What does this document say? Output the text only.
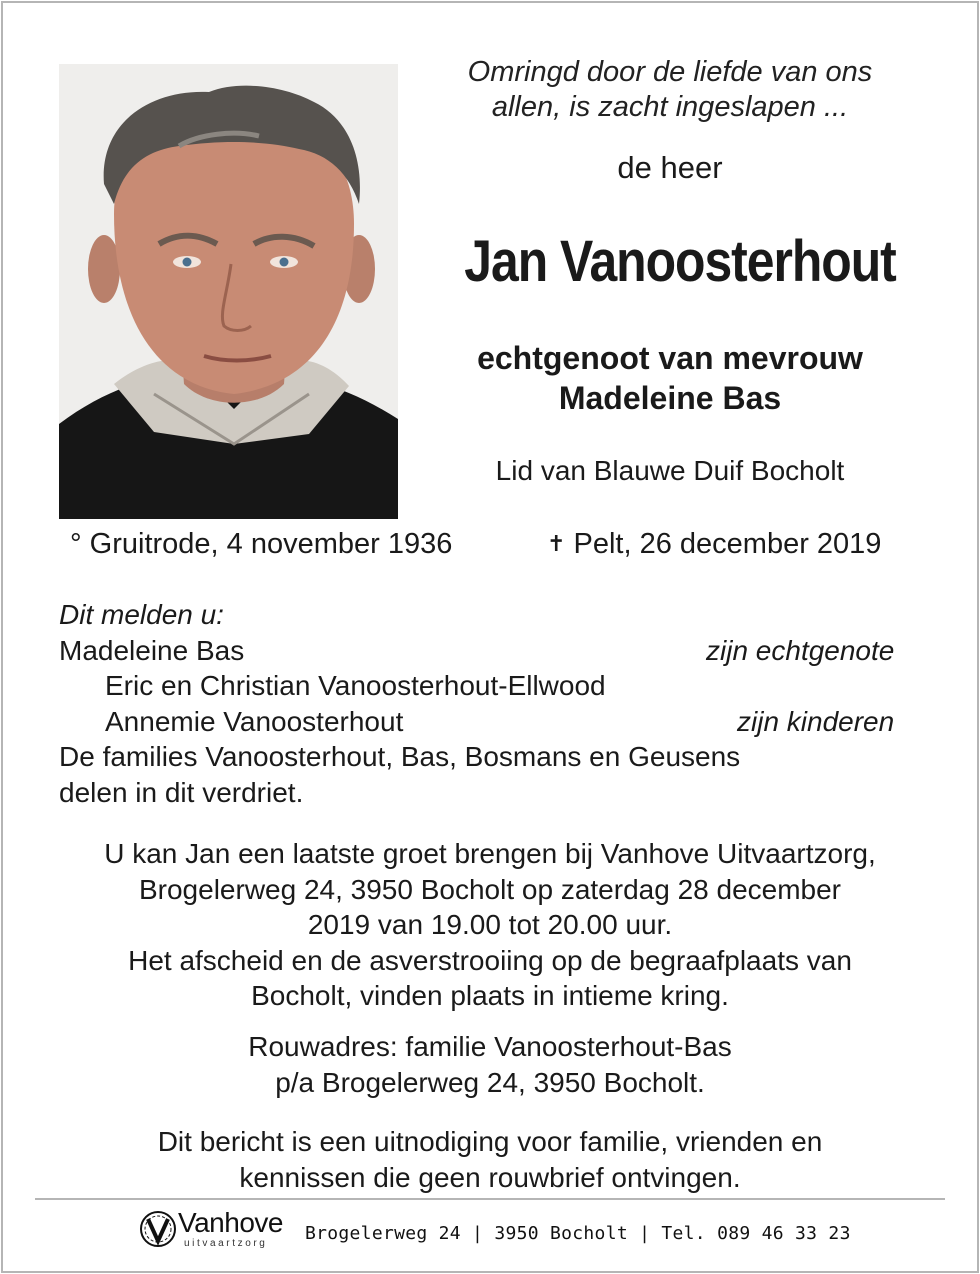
Omringd door de liefde van ons
allen, is zacht ingeslapen ...
de heer
Jan Vanoosterhout
echtgenoot van mevrouw
Madeleine Bas
Lid van Blauwe Duif Bocholt
° Gruitrode, 4 november 1936	✝ Pelt, 26 december 2019
Dit melden u:
Madeleine Bas	zijn echtgenote
Eric en Christian Vanoosterhout-Ellwood
Annemie Vanoosterhout	zijn kinderen
De families Vanoosterhout, Bas, Bosmans en Geusens
delen in dit verdriet.
U kan Jan een laatste groet brengen bij Vanhove Uitvaartzorg,
Brogelerweg 24, 3950 Bocholt op zaterdag 28 december
2019 van 19.00 tot 20.00 uur.
Het afscheid en de asverstrooiing op de begraafplaats van
Bocholt, vinden plaats in intieme kring.
Rouwadres: familie Vanoosterhout-Bas
p/a Brogelerweg 24, 3950 Bocholt.
Dit bericht is een uitnodiging voor familie, vrienden en
kennissen die geen rouwbrief ontvingen.
Vanhove
uitvaartzorg Brogelerweg 24 | 3950 Bocholt | Tel. 089 46 33 23
